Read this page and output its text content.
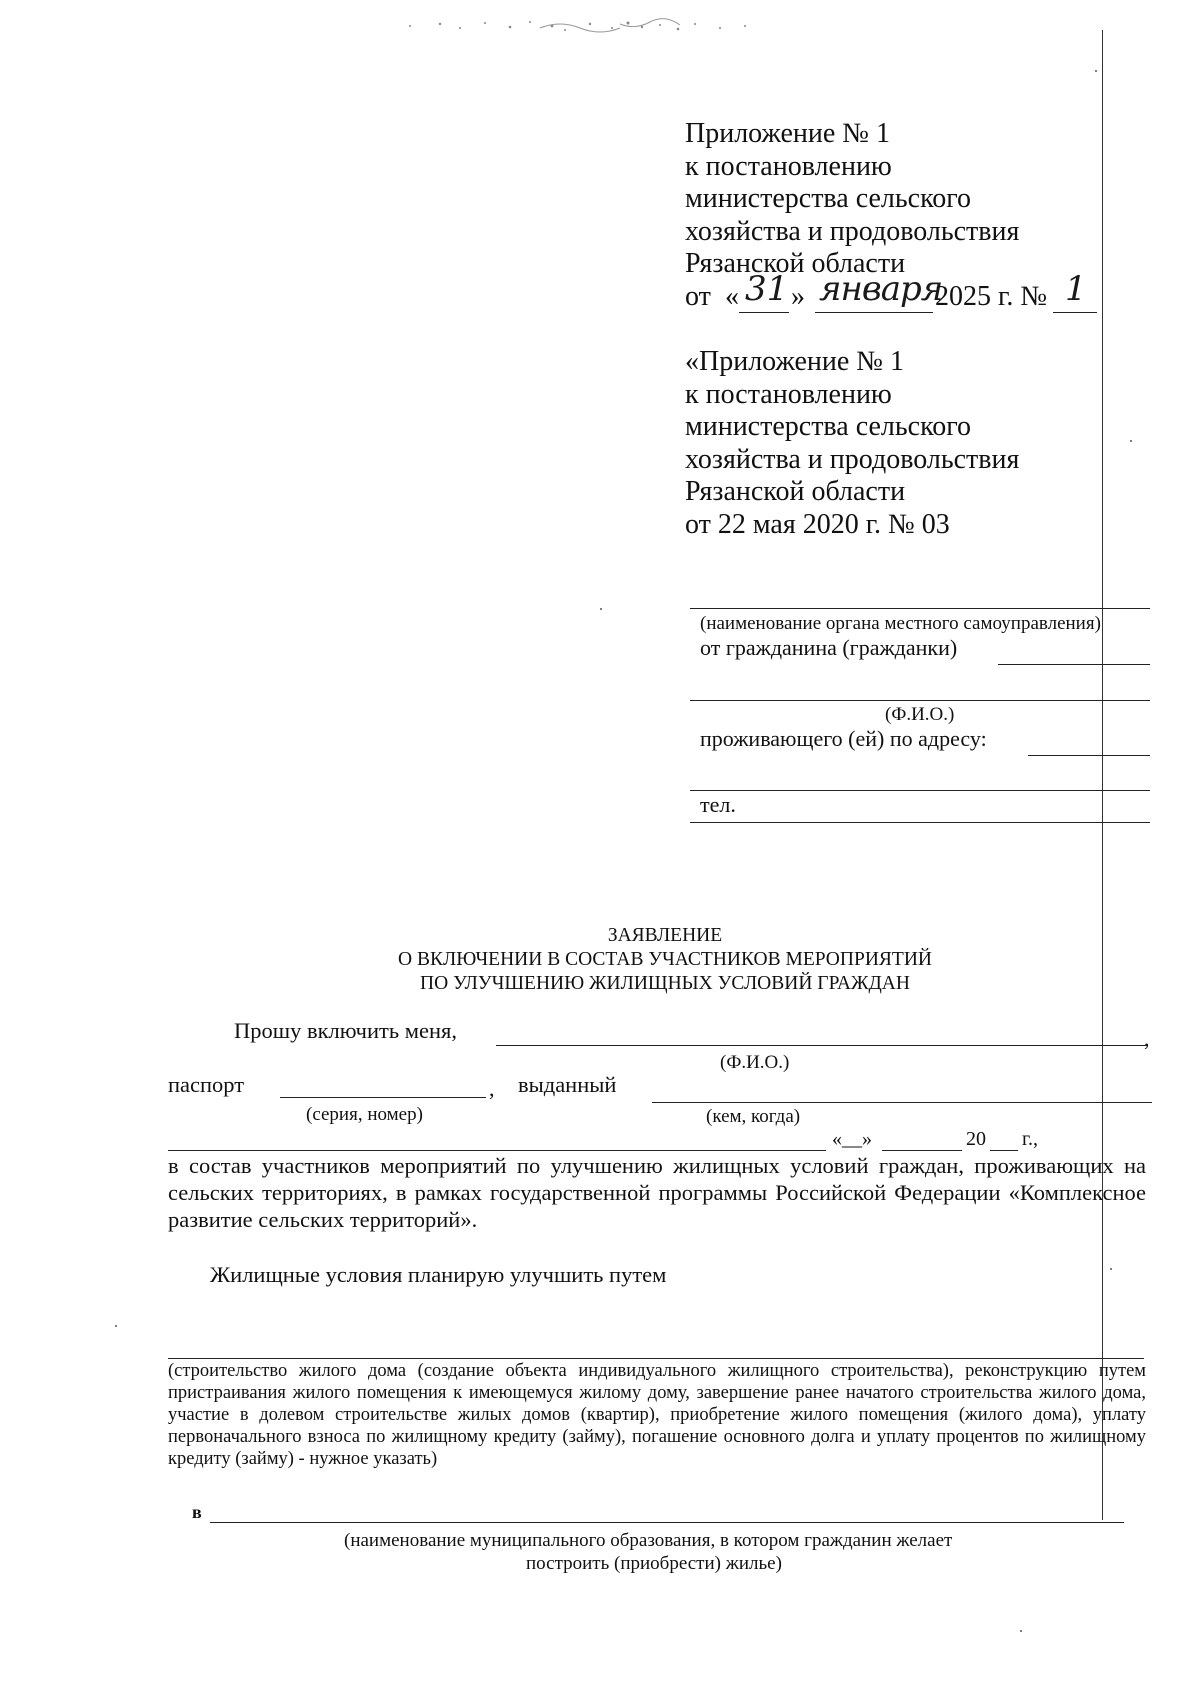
Приложение № 1
к постановлению
министерства сельского
хозяйства и продовольствия
Рязанской области
от « 31 » января
2025 г. № 1
«Приложение № 1
к постановлению
министерства сельского
хозяйства и продовольствия
Рязанской области
от 22 мая 2020 г. № 03
(наименование органа местного самоуправления)
от гражданина (гражданки)
(Ф.И.О.)
проживающего (ей) по адресу:
тел.
ЗАЯВЛЕНИЕ
О ВКЛЮЧЕНИИ В СОСТАВ УЧАСТНИКОВ МЕРОПРИЯТИЙ
ПО УЛУЧШЕНИЮ ЖИЛИЩНЫХ УСЛОВИЙ ГРАЖДАН
Прошу включить меня,	,
(Ф.И.О.)
паспорт	, выданный
(серия, номер)	(кем, когда)
«__»	20 г.,
в состав участников мероприятий по улучшению жилищных условий граждан, проживающих на сельских территориях, в рамках государственной программы Российской Федерации «Комплексное развитие сельских территорий».
Жилищные условия планирую улучшить путем
(строительство жилого дома (создание объекта индивидуального жилищного строительства), реконструкцию путем пристраивания жилого помещения к имеющемуся жилому дому, завершение ранее начатого строительства жилого дома, участие в долевом строительстве жилых домов (квартир), приобретение жилого помещения (жилого дома), уплату первоначального взноса по жилищному кредиту (займу), погашение основного долга и уплату процентов по жилищному кредиту (займу) - нужное указать)
в
(наименование муниципального образования, в котором гражданин желает
построить (приобрести) жилье)
